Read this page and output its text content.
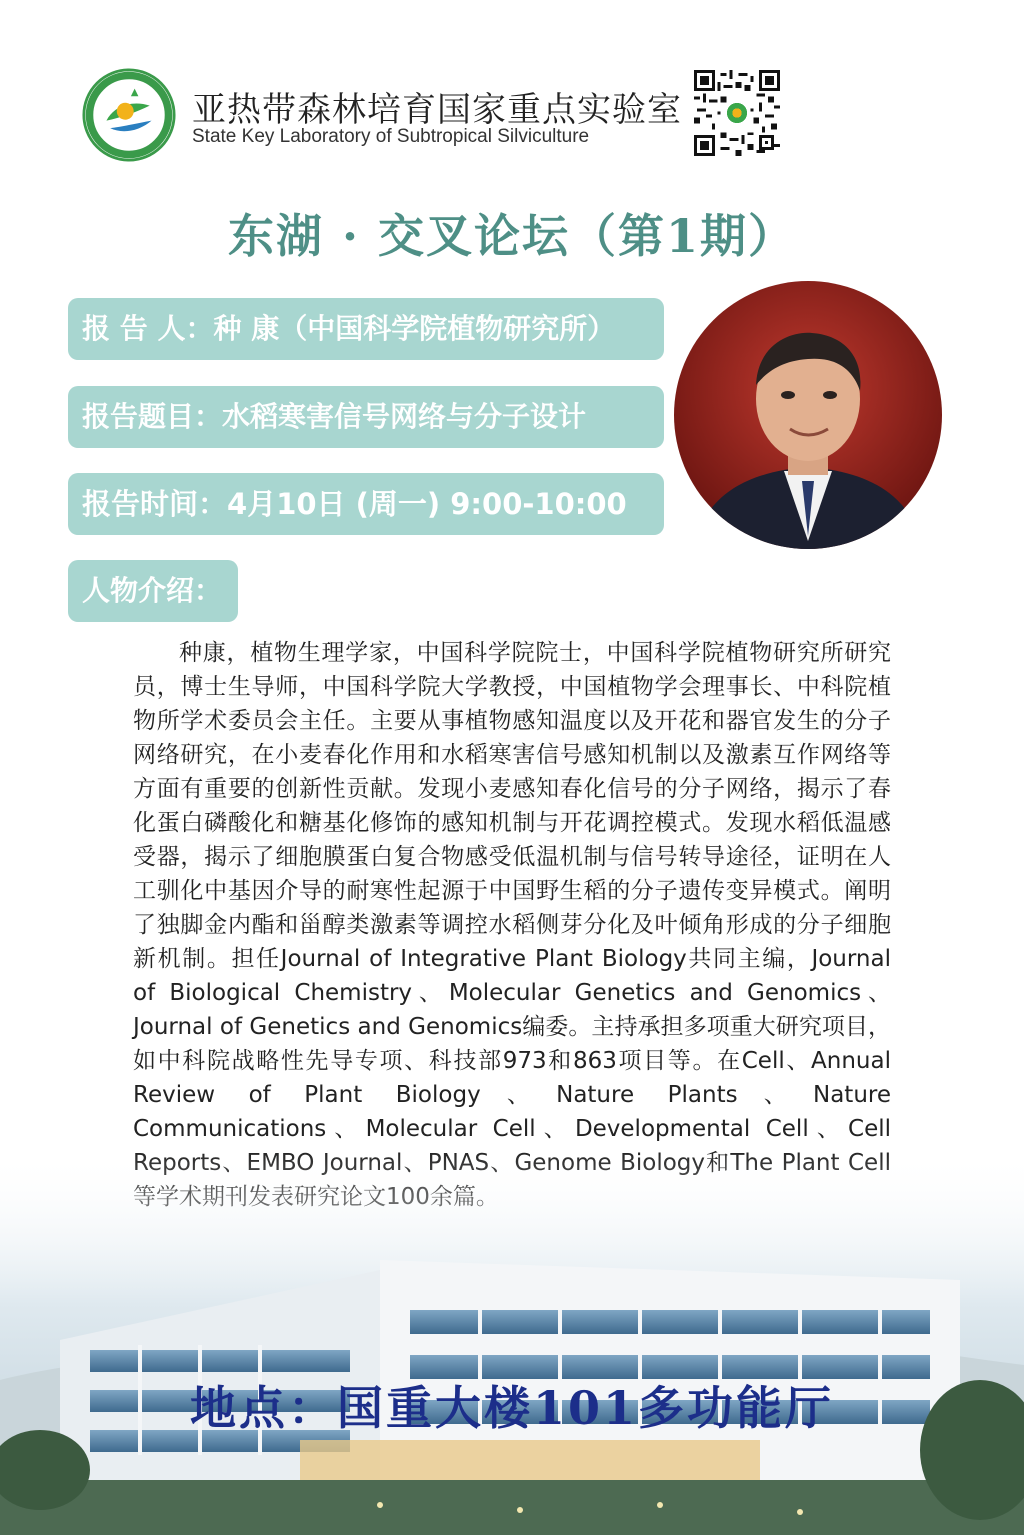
亚热带森林培育国家重点实验室
State Key Laboratory of Subtropical Silviculture
东湖 · 交叉论坛（第1期）
报 告 人：种 康（中国科学院植物研究所）
报告题目：水稻寒害信号网络与分子设计
报告时间：4月10日 (周一) 9:00-10:00
人物介绍：
种康，植物生理学家，中国科学院院士，中国科学院植物研究所研究员，博士生导师，中国科学院大学教授，中国植物学会理事长、中科院植物所学术委员会主任。主要从事植物感知温度以及开花和器官发生的分子网络研究，在小麦春化作用和水稻寒害信号感知机制以及激素互作网络等方面有重要的创新性贡献。发现小麦感知春化信号的分子网络，揭示了春化蛋白磷酸化和糖基化修饰的感知机制与开花调控模式。发现水稻低温感受器，揭示了细胞膜蛋白复合物感受低温机制与信号转导途径，证明在人工驯化中基因介导的耐寒性起源于中国野生稻的分子遗传变异模式。阐明了独脚金内酯和甾醇类激素等调控水稻侧芽分化及叶倾角形成的分子细胞新机制。担任Journal of Integrative Plant Biology共同主编，Journal of Biological Chemistry、Molecular Genetics and Genomics、Journal of Genetics and Genomics编委。主持承担多项重大研究项目，如中科院战略性先导专项、科技部973和863项目等。在Cell、Annual Review of Plant Biology、Nature Plants、Nature Communications、Molecular Cell、Developmental Cell、Cell
地点：国重大楼101多功能厅
